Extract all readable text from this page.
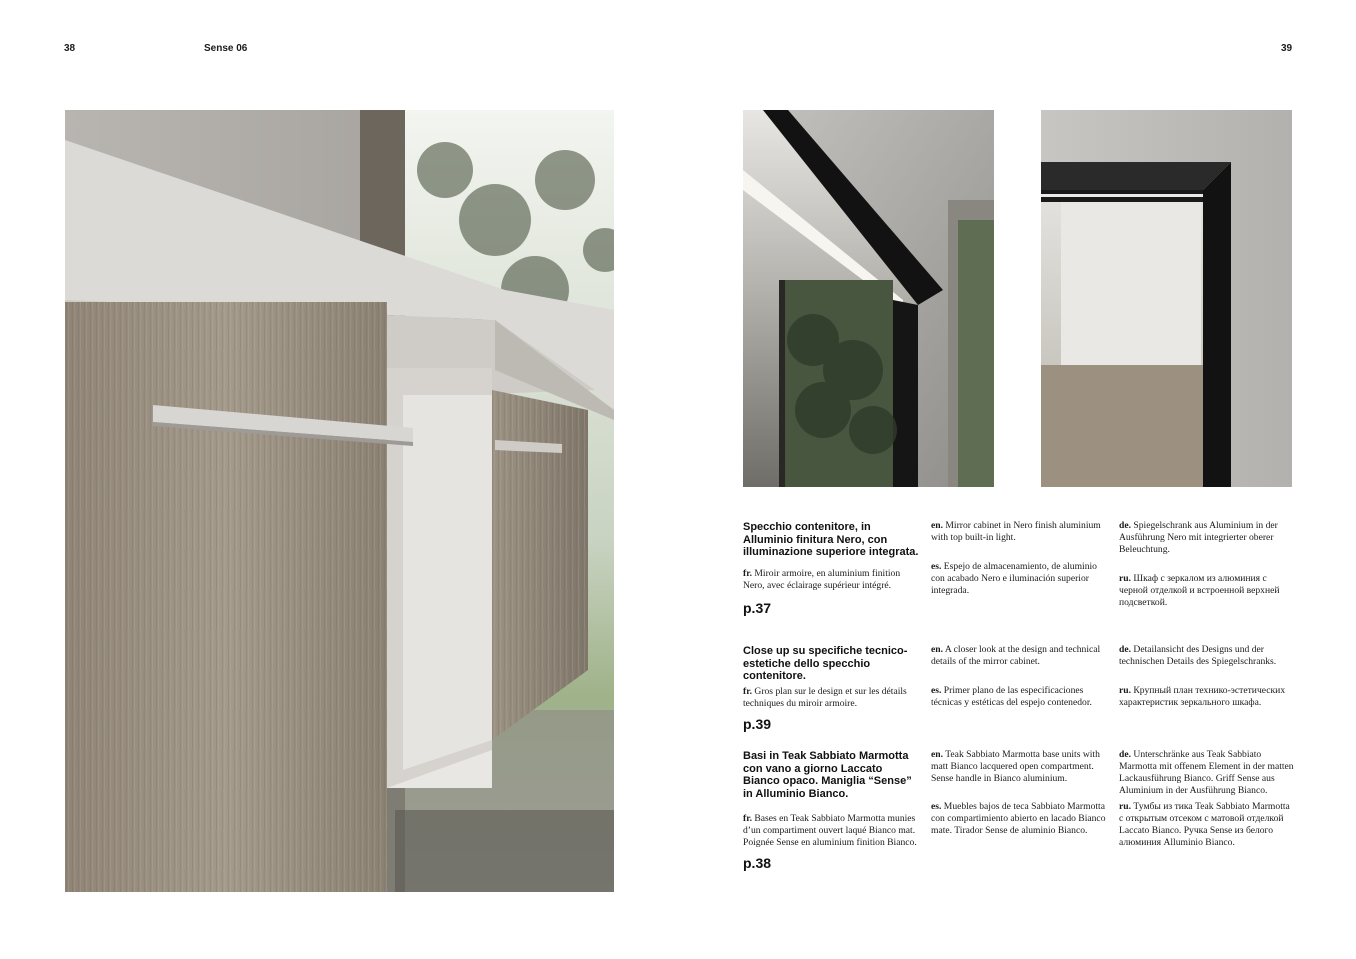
38	Sense 06	39
Specchio contenitore, in Alluminio finitura Nero, con illuminazione superiore integrata.
fr. Miroir armoire, en aluminium finition Nero, avec éclairage supérieur intégré.
p.37
en. Mirror cabinet in Nero finish aluminium with top built-in light.
es. Espejo de almacenamiento, de aluminio con acabado Nero e iluminación superior integrada.
de. Spiegelschrank aus Aluminium in der Ausführung Nero mit integrierter oberer Beleuchtung.
ru. Шкаф с зеркалом из алюминия с черной отделкой и встроенной верхней подсветкой.
Close up su specifiche tecnico-estetiche dello specchio contenitore.
fr. Gros plan sur le design et sur les détails techniques du miroir armoire.
p.39
en. A closer look at the design and technical details of the mirror cabinet.
es. Primer plano de las especificaciones técnicas y estéticas del espejo contenedor.
de. Detailansicht des Designs und der technischen Details des Spiegelschranks.
ru. Крупный план технико-эстетических характеристик зеркального шкафа.
Basi in Teak Sabbiato Marmotta con vano a giorno Laccato Bianco opaco. Maniglia “Sense” in Alluminio Bianco.
fr. Bases en Teak Sabbiato Marmotta munies d’un compartiment ouvert laqué Bianco mat. Poignée Sense en aluminium finition Bianco.
p.38
en. Teak Sabbiato Marmotta base units with matt Bianco lacquered open compartment. Sense handle in Bianco aluminium.
es. Muebles bajos de teca Sabbiato Marmotta con compartimiento abierto en lacado Bianco mate. Tirador Sense de aluminio Bianco.
de. Unterschränke aus Teak Sabbiato Marmotta mit offenem Element in der matten Lackausführung Bianco. Griff Sense aus Aluminium in der Ausführung Bianco.
ru. Тумбы из тика Teak Sabbiato Marmotta с открытым отсеком с матовой отделкой Laccato Bianco. Ручка Sense из белого алюминия Alluminio Bianco.
